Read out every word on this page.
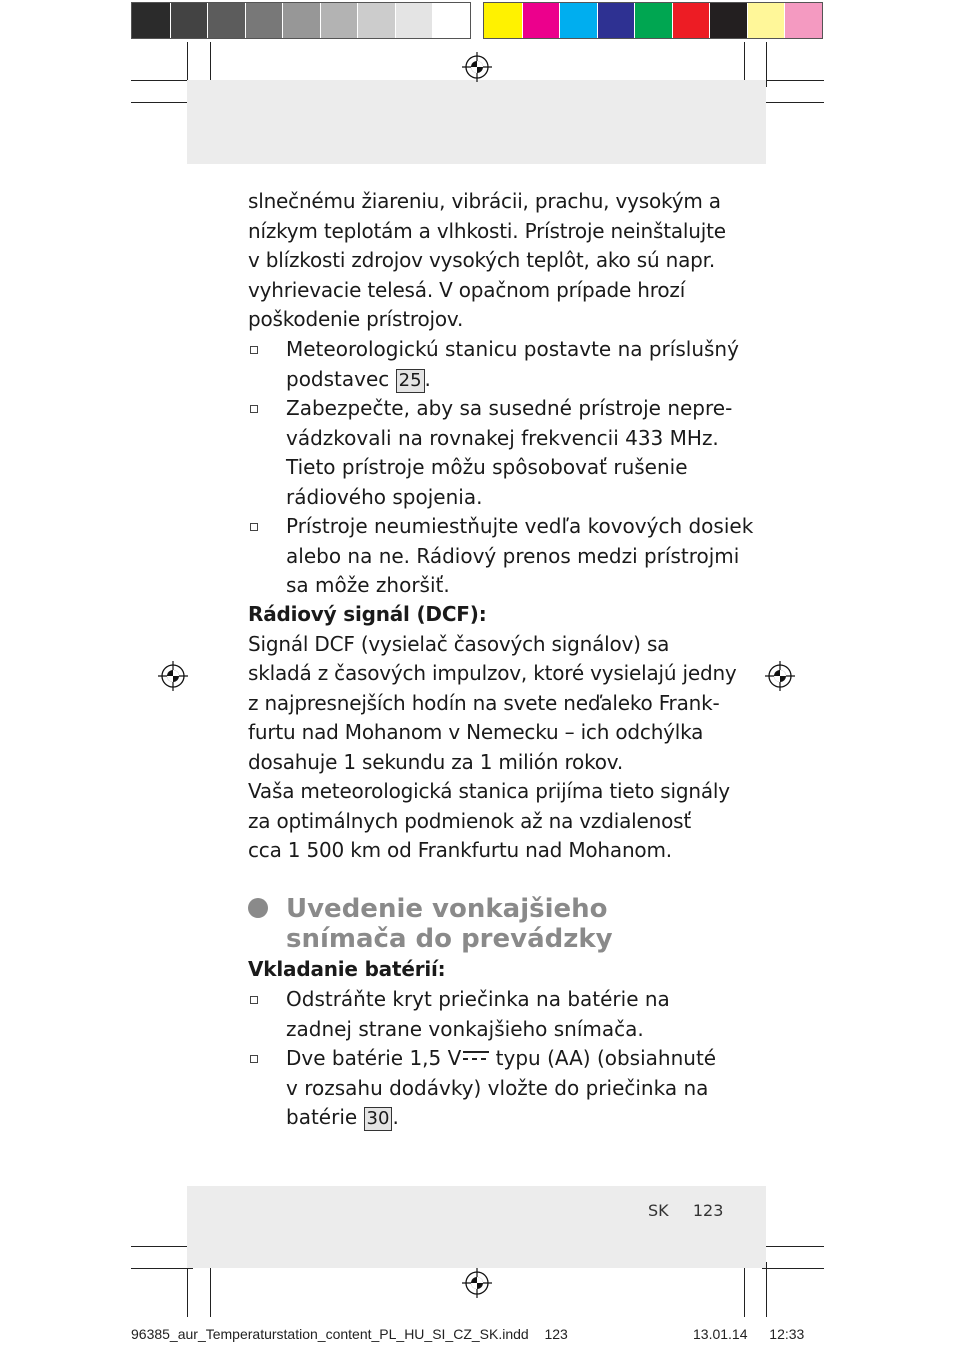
slnečnému žiareniu, vibrácii, prachu, vysokým a
nízkym teplotám a vlhkosti. Prístroje neinštalujte
v blízkosti zdrojov vysokých teplôt, ako sú napr.
vyhrievacie telesá. V opačnom prípade hrozí
poškodenie prístrojov.
Meteorologickú stanicu postavte na príslušný
podstavec 25 .
Zabezpečte, aby sa susedné prístroje nepre-
vádzkovali na rovnakej frekvencii 433 MHz.
Tieto prístroje môžu spôsobovať rušenie
rádiového spojenia.
Prístroje neumiestňujte vedľa kovových dosiek
alebo na ne. Rádiový prenos medzi prístrojmi
sa môže zhoršiť.
Rádiový signál (DCF):
Signál DCF (vysielač časových signálov) sa
skladá z časových impulzov, ktoré vysielajú jedny
z najpresnejších hodín na svete neďaleko Frank-
furtu nad Mohanom v Nemecku – ich odchýlka
dosahuje 1 sekundu za 1 milión rokov.
Vaša meteorologická stanica prijíma tieto signály
za optimálnych podmienok až na vzdialenosť
cca 1 500 km od Frankfurtu nad Mohanom.
Uvedenie vonkajšieho
snímača do prevádzky
Vkladanie batérií:
Odstráňte kryt priečinka na batérie na
zadnej strane vonkajšieho snímača.
Dve batérie 1,5 V typu (AA) (obsiahnuté
v rozsahu dodávky) vložte do priečinka na
batérie 30 .
SK 123
96385_aur_Temperaturstation_content_PL_HU_SI_CZ_SK.indd 123	13.01.14 12:33
